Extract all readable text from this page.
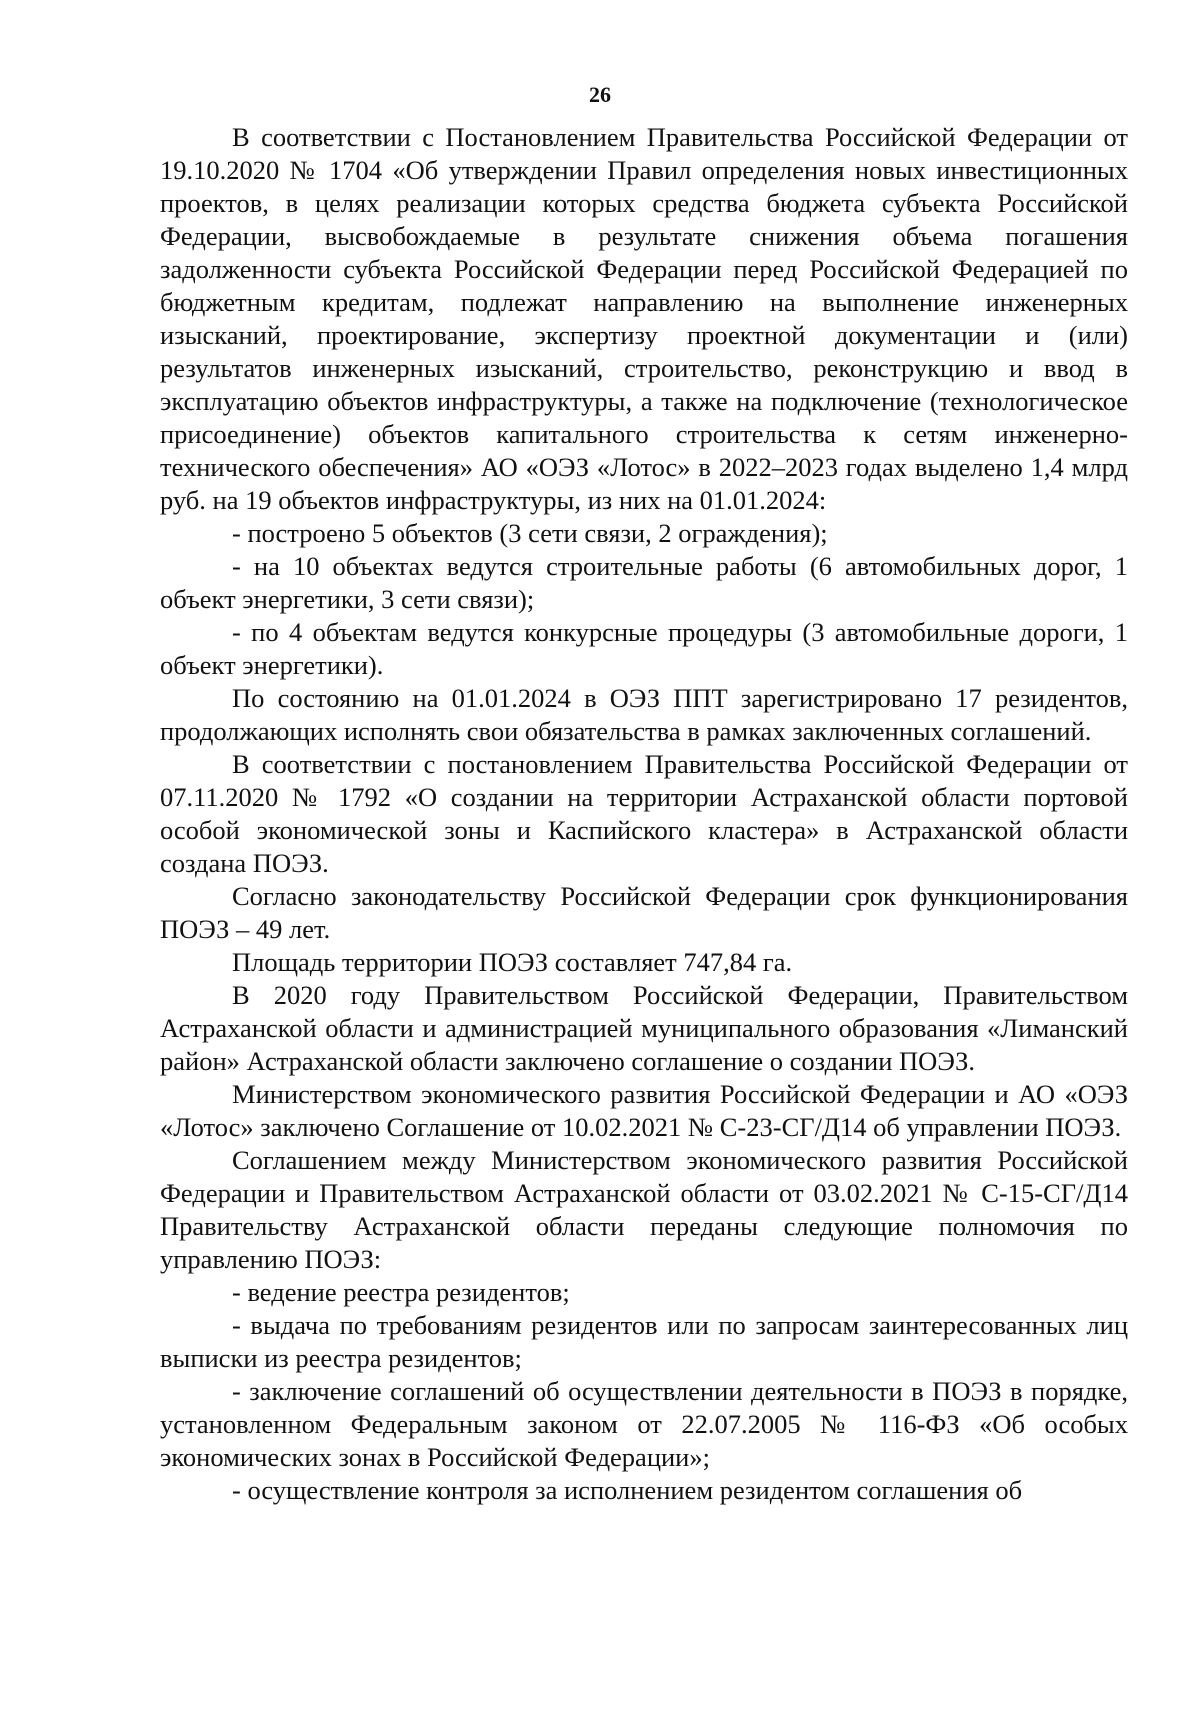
26

В соответствии с Постановлением Правительства Российской Федерации от 19.10.2020 № 1704 «Об утверждении Правил определения новых инвестиционных проектов, в целях реализации которых средства бюджета субъекта Российской Федерации, высвобождаемые в результате снижения объема погашения задолженности субъекта Российской Федерации перед Российской Федерацией по бюджетным кредитам, подлежат направлению на выполнение инженерных изысканий, проектирование, экспертизу проектной документации и (или) результатов инженерных изысканий, строительство, реконструкцию и ввод в эксплуатацию объектов инфраструктуры, а также на подключение (технологическое присоединение) объектов капитального строительства к сетям инженерно-технического обеспечения» АО «ОЭЗ «Лотос» в 2022–2023 годах выделено 1,4 млрд руб. на 19 объектов инфраструктуры, из них на 01.01.2024:

- построено 5 объектов (3 сети связи, 2 ограждения);

- на 10 объектах ведутся строительные работы (6 автомобильных дорог, 1 объект энергетики, 3 сети связи);

- по 4 объектам ведутся конкурсные процедуры (3 автомобильные дороги, 1 объект энергетики).

По состоянию на 01.01.2024 в ОЭЗ ППТ зарегистрировано 17 резидентов, продолжающих исполнять свои обязательства в рамках заключенных соглашений.

В соответствии с постановлением Правительства Российской Федерации от 07.11.2020 № 1792 «О создании на территории Астраханской области портовой особой экономической зоны и Каспийского кластера» в Астраханской области создана ПОЭЗ.

Согласно законодательству Российской Федерации срок функционирования ПОЭЗ – 49 лет.

Площадь территории ПОЭЗ составляет 747,84 га.

В 2020 году Правительством Российской Федерации, Правительством Астраханской области и администрацией муниципального образования «Лиманский район» Астраханской области заключено соглашение о создании ПОЭЗ.

Министерством экономического развития Российской Федерации и АО «ОЭЗ «Лотос» заключено Соглашение от 10.02.2021 № С-23-СГ/Д14 об управлении ПОЭЗ.

Соглашением между Министерством экономического развития Российской Федерации и Правительством Астраханской области от 03.02.2021 № С-15-СГ/Д14 Правительству Астраханской области переданы следующие полномочия по управлению ПОЭЗ:

- ведение реестра резидентов;

- выдача по требованиям резидентов или по запросам заинтересованных лиц выписки из реестра резидентов;

- заключение соглашений об осуществлении деятельности в ПОЭЗ в порядке, установленном Федеральным законом от 22.07.2005 № 116-ФЗ «Об особых экономических зонах в Российской Федерации»;

- осуществление контроля за исполнением резидентом соглашения об
